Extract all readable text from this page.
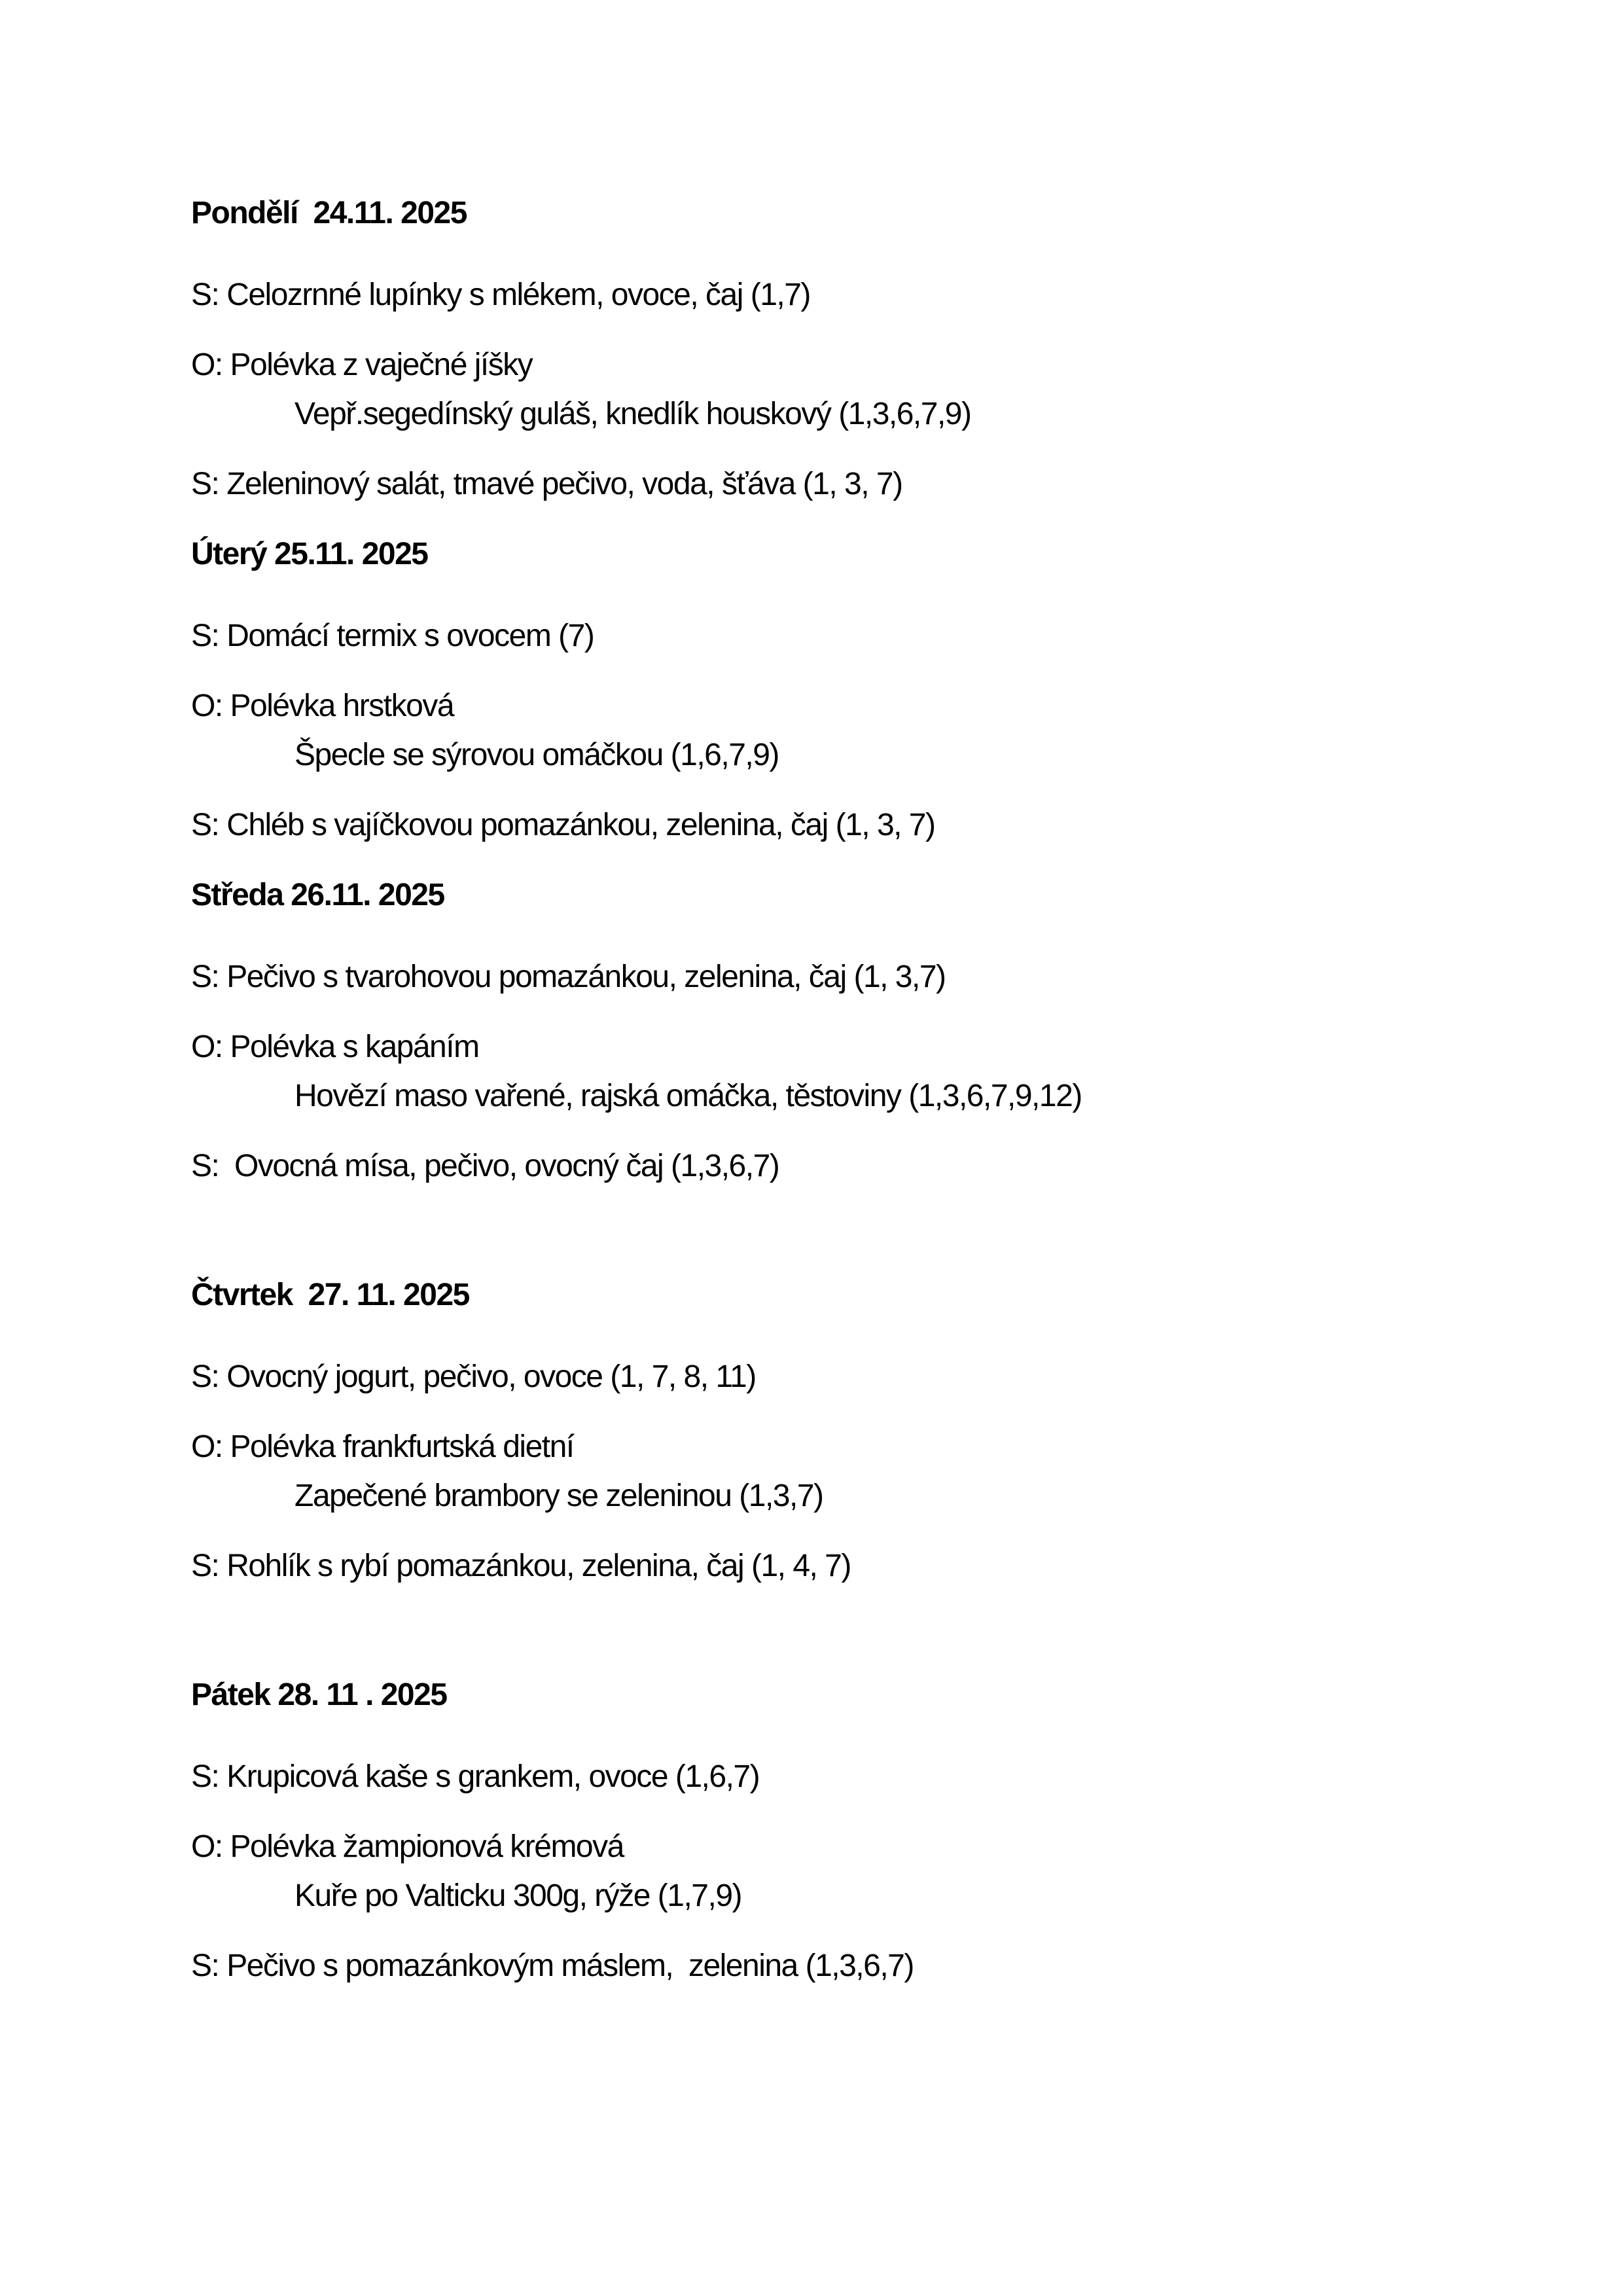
Pondělí  24.11. 2025

S: Celozrnné lupínky s mlékem, ovoce, čaj (1,7)

O: Polévka z vaječné jíšky

Vepř.segedínský guláš, knedlík houskový (1,3,6,7,9)

S: Zeleninový salát, tmavé pečivo, voda, šťáva (1, 3, 7)

Úterý 25.11. 2025

S: Domácí termix s ovocem (7)

O: Polévka hrstková

Špecle se sýrovou omáčkou (1,6,7,9)

S: Chléb s vajíčkovou pomazánkou, zelenina, čaj (1, 3, 7)

Středa 26.11. 2025

S: Pečivo s tvarohovou pomazánkou, zelenina, čaj (1, 3,7)

O: Polévka s kapáním

Hovězí maso vařené, rajská omáčka, těstoviny (1,3,6,7,9,12)

S:  Ovocná mísa, pečivo, ovocný čaj (1,3,6,7)

Čtvrtek  27. 11. 2025

S: Ovocný jogurt, pečivo, ovoce (1, 7, 8, 11)

O: Polévka frankfurtská dietní

Zapečené brambory se zeleninou (1,3,7)

S: Rohlík s rybí pomazánkou, zelenina, čaj (1, 4, 7)

Pátek 28. 11 . 2025

S: Krupicová kaše s grankem, ovoce (1,6,7)

O: Polévka žampionová krémová

Kuře po Valticku 300g, rýže (1,7,9)

S: Pečivo s pomazánkovým máslem,  zelenina (1,3,6,7)
